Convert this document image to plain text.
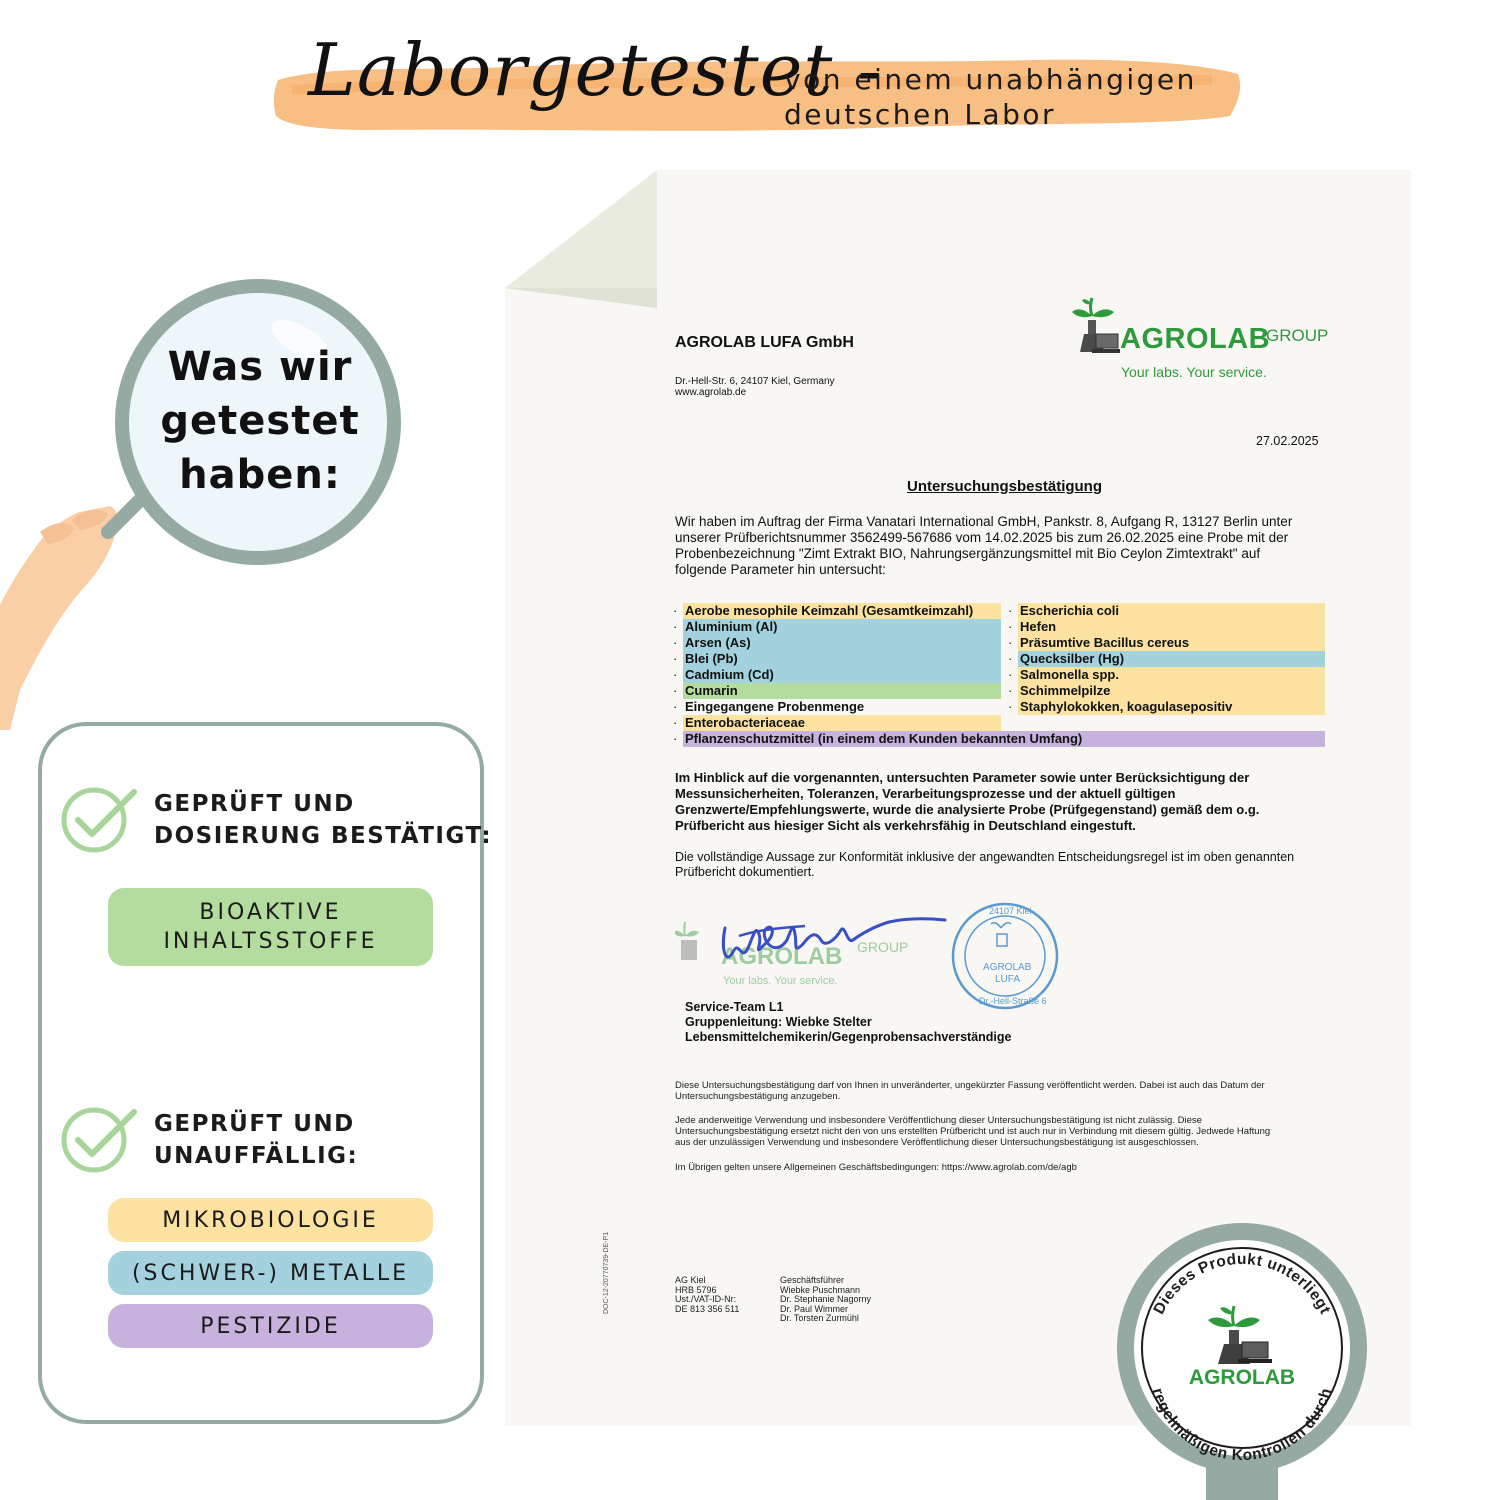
Laborgetestet -
von einem unabhängigen
deutschen Labor
Was wir
getestet
haben:
GEPRÜFT UND
DOSIERUNG BESTÄTIGT:
BIOAKTIVE
INHALTSSTOFFE
GEPRÜFT UND
UNAUFFÄLLIG:
MIKROBIOLOGIE
(SCHWER-) METALLE
PESTIZIDE
AGROLAB LUFA GmbH
Dr.-Hell-Str. 6, 24107 Kiel, Germany
www.agrolab.de
AGROLAB
GROUP
Your labs. Your service.
27.02.2025
Untersuchungsbestätigung
Wir haben im Auftrag der Firma Vanatari International GmbH, Pankstr. 8, Aufgang R, 13127 Berlin unter
unserer Prüfberichtsnummer 3562499-567686 vom 14.02.2025 bis zum 26.02.2025 eine Probe mit der
Probenbezeichnung "Zimt Extrakt BIO, Nahrungsergänzungsmittel mit Bio Ceylon Zimtextrakt" auf
folgende Parameter hin untersucht:
· Aerobe mesophile Keimzahl (Gesamtkeimzahl)
· Aluminium (Al)
· Arsen (As)
· Blei (Pb)
· Cadmium (Cd)
· Cumarin
· Eingegangene Probenmenge
· Enterobacteriaceae
· Escherichia coli
· Hefen
· Präsumtive Bacillus cereus
· Quecksilber (Hg)
· Salmonella spp.
· Schimmelpilze
· Staphylokokken, koagulasepositiv
· Pflanzenschutzmittel (in einem dem Kunden bekannten Umfang)
Im Hinblick auf die vorgenannten, untersuchten Parameter sowie unter Berücksichtigung der
Messunsicherheiten, Toleranzen, Verarbeitungsprozesse und der aktuell gültigen
Grenzwerte/Empfehlungswerte, wurde die analysierte Probe (Prüfgegenstand) gemäß dem o.g.
Prüfbericht aus hiesiger Sicht als verkehrsfähig in Deutschland eingestuft.
Die vollständige Aussage zur Konformität inklusive der angewandten Entscheidungsregel ist im oben genannten
Prüfbericht dokumentiert.
AGROLAB GROUP
Your labs. Your service.
24107 Kiel
AGROLAB
LUFA
Dr.-Hell-Straße 6
Service-Team L1
Gruppenleitung: Wiebke Stelter
Lebensmittelchemikerin/Gegenprobensachverständige
Diese Untersuchungsbestätigung darf von Ihnen in unveränderter, ungekürzter Fassung veröffentlicht werden. Dabei ist auch das Datum der
Untersuchungsbestätigung anzugeben.
Jede anderweitige Verwendung und insbesondere Veröffentlichung dieser Untersuchungsbestätigung ist nicht zulässig. Diese
Untersuchungsbestätigung ersetzt nicht den von uns erstellten Prüfbericht und ist auch nur in Verbindung mit diesem gültig. Jedwede Haftung
aus der unzulässigen Verwendung und insbesondere Veröffentlichung dieser Untersuchungsbestätigung ist ausgeschlossen.
Im Übrigen gelten unsere Allgemeinen Geschäftsbedingungen: https://www.agrolab.com/de/agb
DOC-12-20770739-DE-P1	AG Kiel
HRB 5796
Ust./VAT-ID-Nr:
DE 813 356 511
Geschäftsführer
Wiebke Puschmann
Dr. Stephanie Nagorny
Dr. Paul Wimmer
Dr. Torsten Zurmühl
Dieses Produkt unterliegt
regelmäßigen Kontrollen durch
AGROLAB
